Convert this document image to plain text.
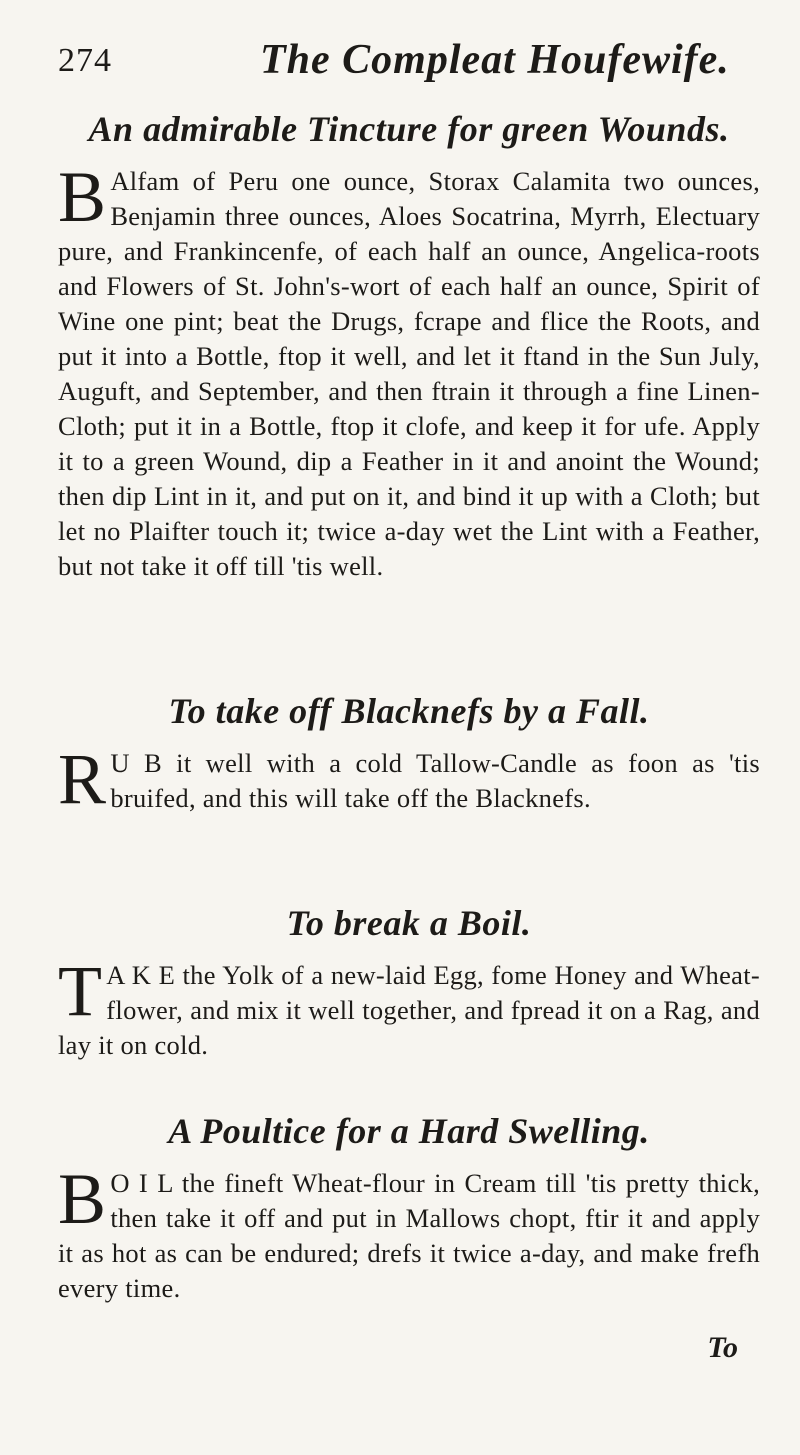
274	The Compleat Houfewife.
An admirable Tincture for green Wounds.

B Alfam of Peru one ounce, Storax Calamita two ounces, Benjamin three ounces, Aloes Socatrina, Myrrh, Electuary pure, and Frankincenfe, of each half an ounce, Angelica-roots and Flowers of St. John's-wort of each half an ounce, Spirit of Wine one pint; beat the Drugs, fcrape and flice the Roots, and put it into a Bottle, ftop it well, and let it ftand in the Sun July, Auguft, and September, and then ftrain it through a fine Linen-Cloth; put it in a Bottle, ftop it clofe, and keep it for ufe. Apply it to a green Wound, dip a Feather in it and anoint the Wound; then dip Lint in it, and put on it, and bind it up with a Cloth; but let no Plaifter touch it; twice a-day wet the Lint with a Feather, but not take it off till 'tis well.

To take off Blacknefs by a Fall.

R U B it well with a cold Tallow-Candle as foon as 'tis bruifed, and this will take off the Blacknefs.

To break a Boil.

T A K E the Yolk of a new-laid Egg, fome Honey and Wheat-flower, and mix it well together, and fpread it on a Rag, and lay it on cold.

A Poultice for a Hard Swelling.

B O I L the fineft Wheat-flour in Cream till 'tis pretty thick, then take it off and put in Mallows chopt, ftir it and apply it as hot as can be endured; drefs it twice a-day, and make frefh every time.

To
